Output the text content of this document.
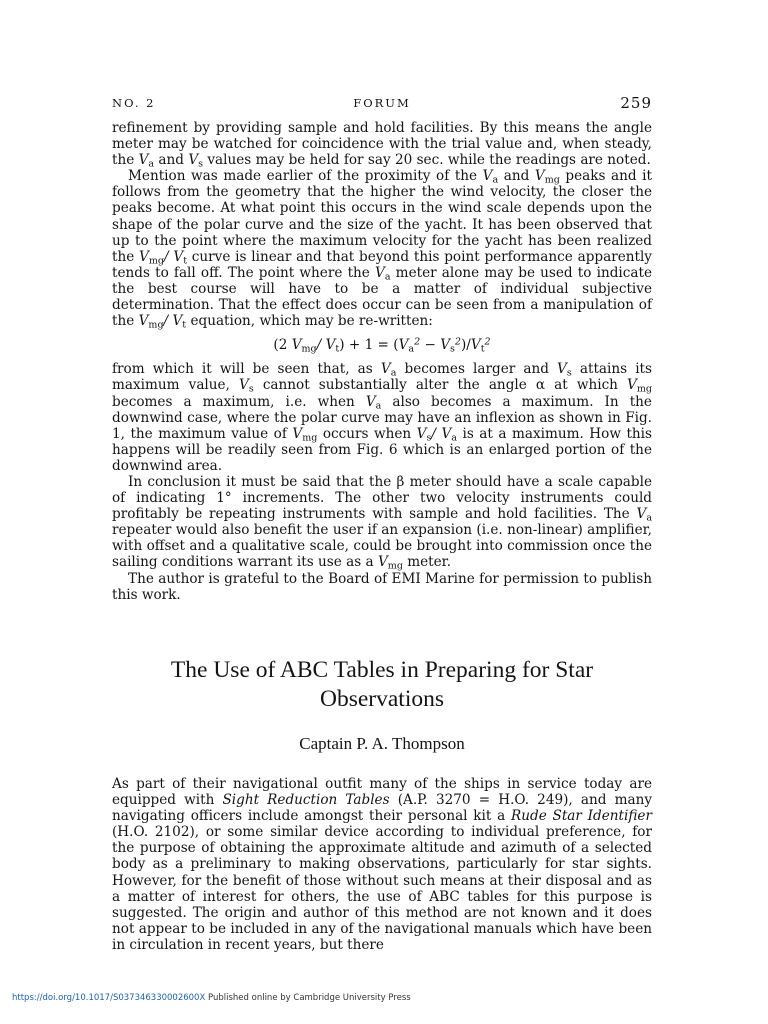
NO. 2	FORUM	259

refinement by providing sample and hold facilities. By this means the angle meter may be watched for coincidence with the trial value and, when steady, the $V_a$ and $V_s$ values may be held for say 20 sec. while the readings are noted.

Mention was made earlier of the proximity of the $V_a$ and $V_{mg}$ peaks and it follows from the geometry that the higher the wind velocity, the closer the peaks become. At what point this occurs in the wind scale depends upon the shape of the polar curve and the size of the yacht. It has been observed that up to the point where the maximum velocity for the yacht has been realized the $V_{mg}/$ $V_t$ curve is linear and that beyond this point performance apparently tends to fall off. The point where the $V_a$ meter alone may be used to indicate the best course will have to be a matter of individual subjective determination. That the effect does occur can be seen from a manipulation of the $V_{mg}/$ $V_t$ equation, which may be re-written:

(2 $V_{mg}/$ $V_t) + 1 = (V_a^2 - V_s^2)/V_t^2$

from which it will be seen that, as $V_a$ becomes larger and $V_s$ attains its maximum value, $V_s$ cannot substantially alter the angle α at which $V_{mg}$ becomes a maximum, i.e. when $V_a$ also becomes a maximum. In the downwind case, where the polar curve may have an inflexion as shown in Fig. 1, the maximum value of $V_{mg}$ occurs when $V_s/$ $V_a$ is at a maximum. How this happens will be readily seen from Fig. 6 which is an enlarged portion of the downwind area.

In conclusion it must be said that the β meter should have a scale capable of indicating 1° increments. The other two velocity instruments could profitably be repeating instruments with sample and hold facilities. The $V_a$ repeater would also benefit the user if an expansion (i.e. non-linear) amplifier, with offset and a qualitative scale, could be brought into commission once the sailing conditions warrant its use as a $V_{mg}$ meter.

The author is grateful to the Board of EMI Marine for permission to publish this work.

The Use of ABC Tables in Preparing for Star Observations
Captain P. A. Thompson

As part of their navigational outfit many of the ships in service today are equipped with Sight Reduction Tables (A.P. 3270 = H.O. 249), and many navigating officers include amongst their personal kit a Rude Star Identifier (H.O. 2102), or some similar device according to individual preference, for the purpose of obtaining the approximate altitude and azimuth of a selected body as a preliminary to making observations, particularly for star sights. However, for the benefit of those without such means at their disposal and as a matter of interest for others, the use of ABC tables for this purpose is suggested. The origin and author of this method are not known and it does not appear to be included in any of the navigational manuals which have been in circulation in recent years, but there

https://doi.org/10.1017/S037346330002600X Published online by Cambridge University Press
